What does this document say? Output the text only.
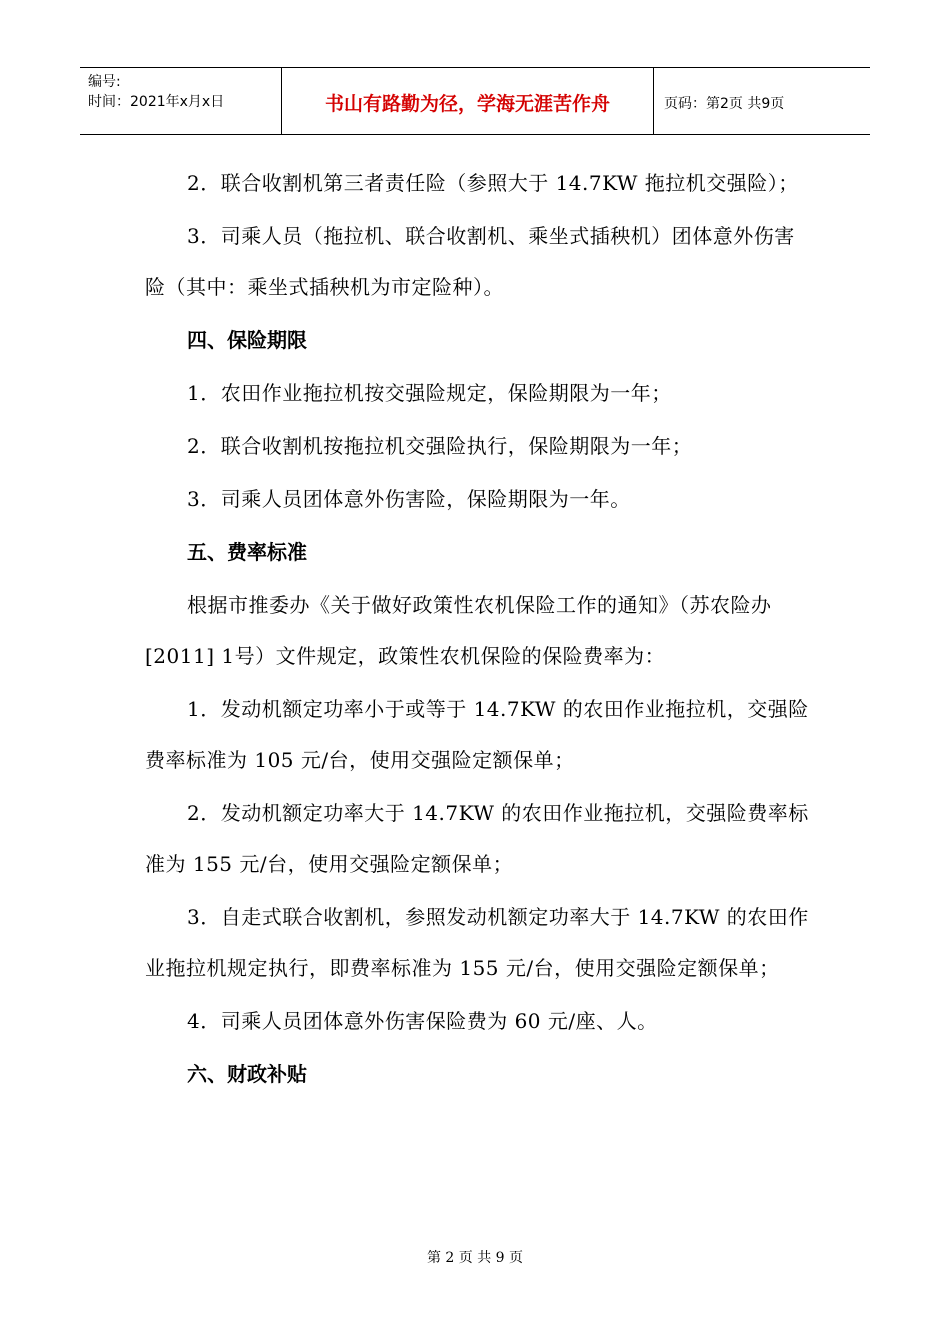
编号:
时间：2021年x月x日	书山有路勤为径，学海无涯苦作舟	页码：第2页 共9页

2．联合收割机第三者责任险（参照大于 14.7KW 拖拉机交强险）；

3．司乘人员（拖拉机、联合收割机、乘坐式插秧机）团体意外伤害险（其中：乘坐式插秧机为市定险种）。

四、保险期限

1．农田作业拖拉机按交强险规定，保险期限为一年；

2．联合收割机按拖拉机交强险执行，保险期限为一年；

3．司乘人员团体意外伤害险，保险期限为一年。

五、费率标准

根据市推委办《关于做好政策性农机保险工作的通知》（苏农险办[2011] 1号）文件规定，政策性农机保险的保险费率为：

1．发动机额定功率小于或等于 14.7KW 的农田作业拖拉机，交强险费率标准为 105 元/台，使用交强险定额保单；

2．发动机额定功率大于 14.7KW 的农田作业拖拉机，交强险费率标准为 155 元/台，使用交强险定额保单；

3．自走式联合收割机，参照发动机额定功率大于 14.7KW 的农田作业拖拉机规定执行，即费率标准为 155 元/台，使用交强险定额保单；

4．司乘人员团体意外伤害保险费为 60 元/座、人。

六、财政补贴

第 2 页 共 9 页
